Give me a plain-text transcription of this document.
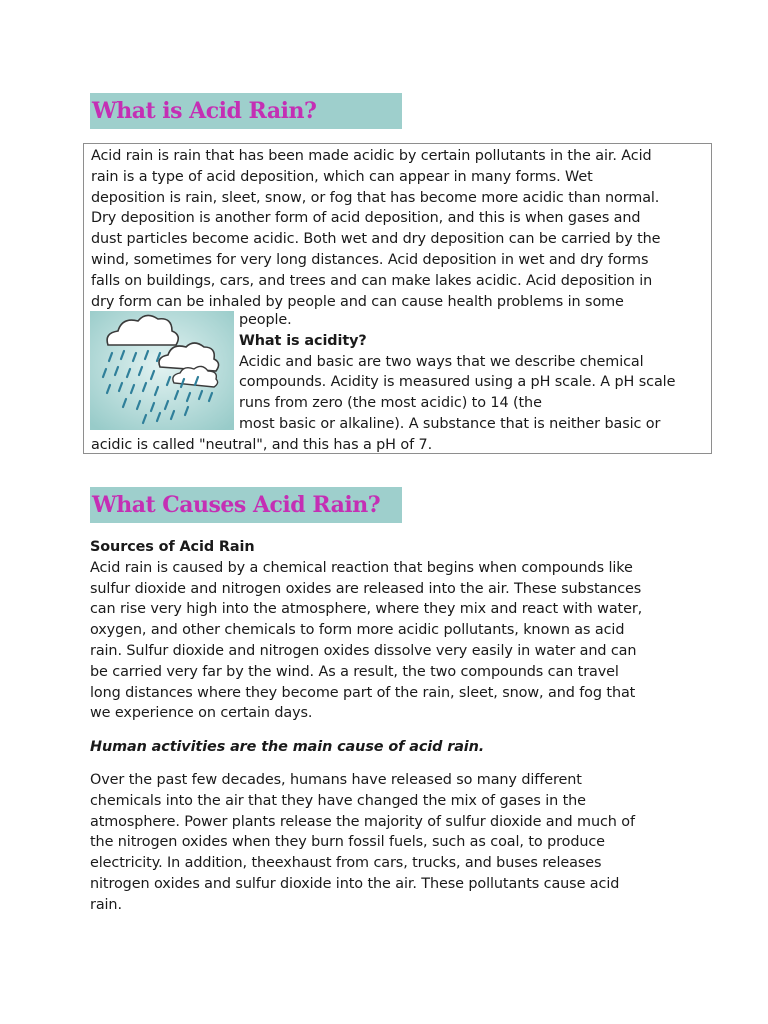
What is Acid Rain?
Acid rain is rain that has been made acidic by certain pollutants in the air. Acid
rain is a type of acid deposition, which can appear in many forms. Wet
deposition is rain, sleet, snow, or fog that has become more acidic than normal.
Dry deposition is another form of acid deposition, and this is when gases and
dust particles become acidic. Both wet and dry deposition can be carried by the
wind, sometimes for very long distances. Acid deposition in wet and dry forms
falls on buildings, cars, and trees and can make lakes acidic. Acid deposition in
dry form can be inhaled by people and can cause health problems in some
people.
What is acidity?
Acidic and basic are two ways that we describe chemical
compounds. Acidity is measured using a pH scale. A pH scale
runs from zero (the most acidic) to 14 (the
most basic or alkaline). A substance that is neither basic or
acidic is called "neutral", and this has a pH of 7.
What Causes Acid Rain?
Sources of Acid Rain
Acid rain is caused by a chemical reaction that begins when compounds like
sulfur dioxide and nitrogen oxides are released into the air. These substances
can rise very high into the atmosphere, where they mix and react with water,
oxygen, and other chemicals to form more acidic pollutants, known as acid
rain. Sulfur dioxide and nitrogen oxides dissolve very easily in water and can
be carried very far by the wind. As a result, the two compounds can travel
long distances where they become part of the rain, sleet, snow, and fog that
we experience on certain days.
Human activities are the main cause of acid rain.
Over the past few decades, humans have released so many different
chemicals into the air that they have changed the mix of gases in the
atmosphere. Power plants release the majority of sulfur dioxide and much of
the nitrogen oxides when they burn fossil fuels, such as coal, to produce
electricity. In addition, theexhaust from cars, trucks, and buses releases
nitrogen oxides and sulfur dioxide into the air. These pollutants cause acid
rain.
